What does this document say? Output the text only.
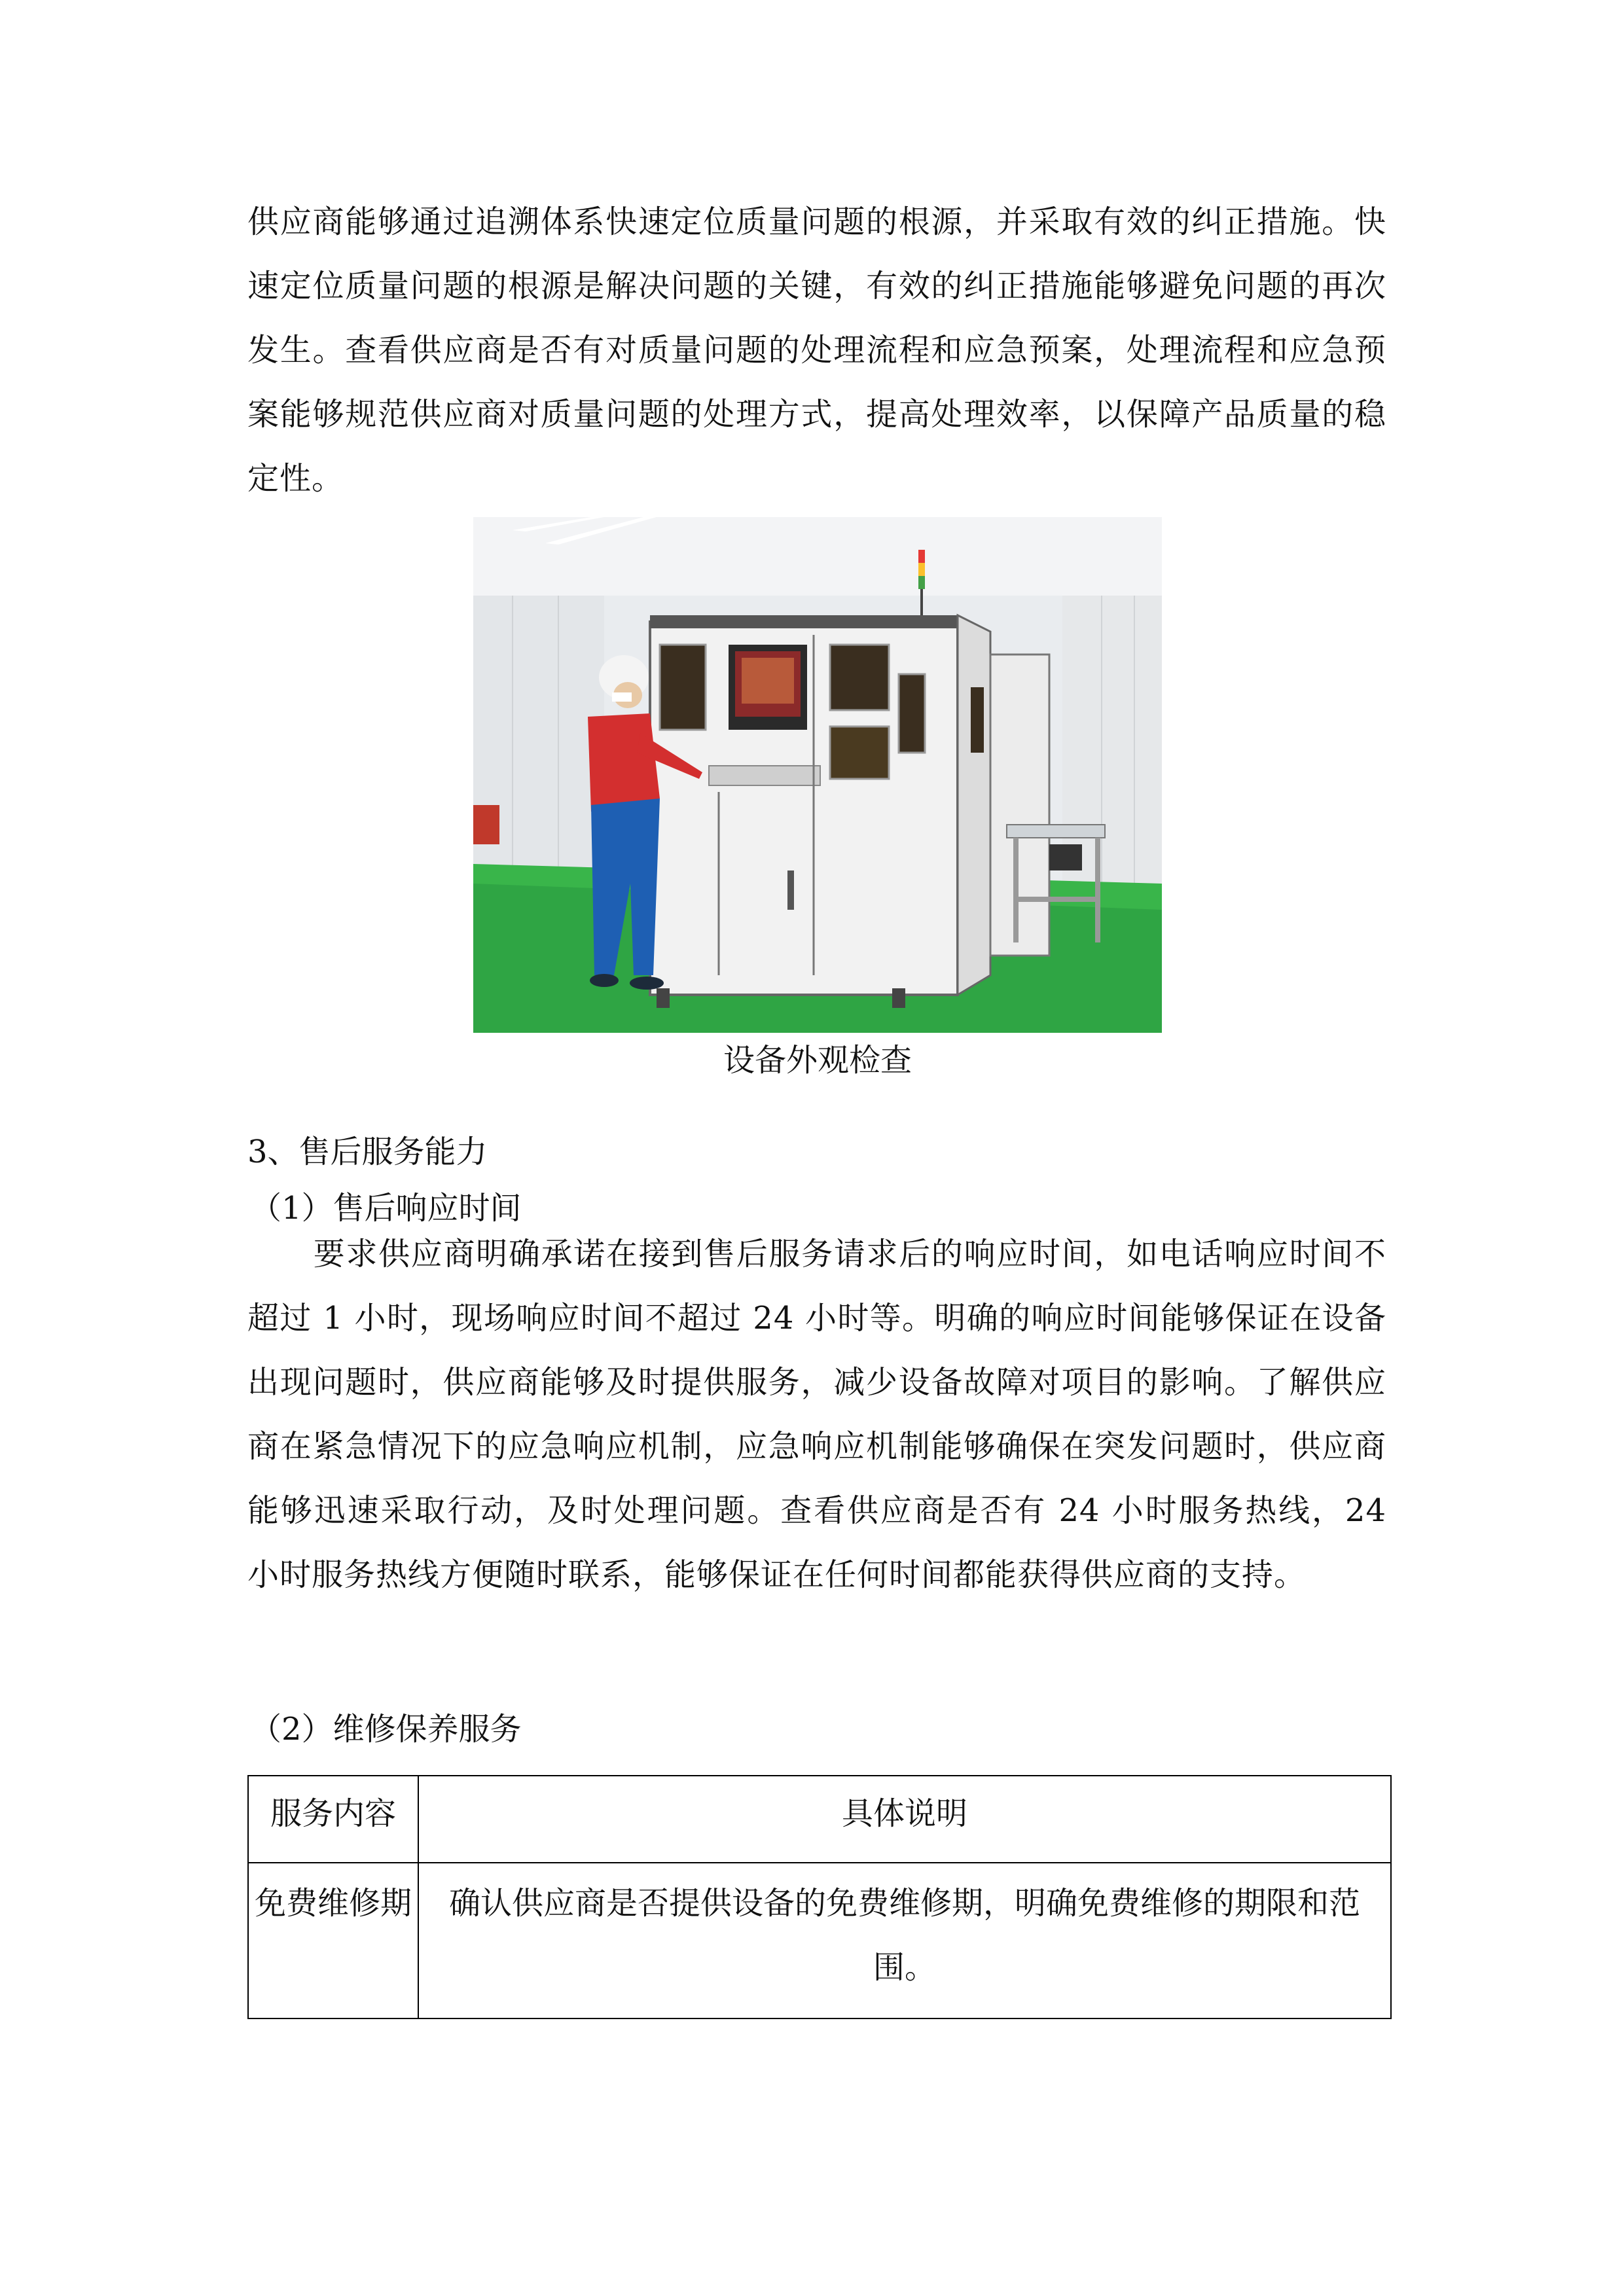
供应商能够通过追溯体系快速定位质量问题的根源，并采取有效的纠正措施。快速定位质量问题的根源是解决问题的关键，有效的纠正措施能够避免问题的再次发生。查看供应商是否有对质量问题的处理流程和应急预案，处理流程和应急预案能够规范供应商对质量问题的处理方式，提高处理效率，以保障产品质量的稳定性。
设备外观检查
3、售后服务能力
（1）售后响应时间
要求供应商明确承诺在接到售后服务请求后的响应时间，如电话响应时间不超过 1 小时，现场响应时间不超过 24 小时等。明确的响应时间能够保证在设备出现问题时，供应商能够及时提供服务，减少设备故障对项目的影响。了解供应商在紧急情况下的应急响应机制，应急响应机制能够确保在突发问题时，供应商能够迅速采取行动，及时处理问题。查看供应商是否有 24 小时服务热线，24 小时服务热线方便随时联系，能够保证在任何时间都能获得供应商的支持。
（2）维修保养服务
服务内容	具体说明
免费维修期	确认供应商是否提供设备的免费维修期，明确免费维修的期限和范围。
